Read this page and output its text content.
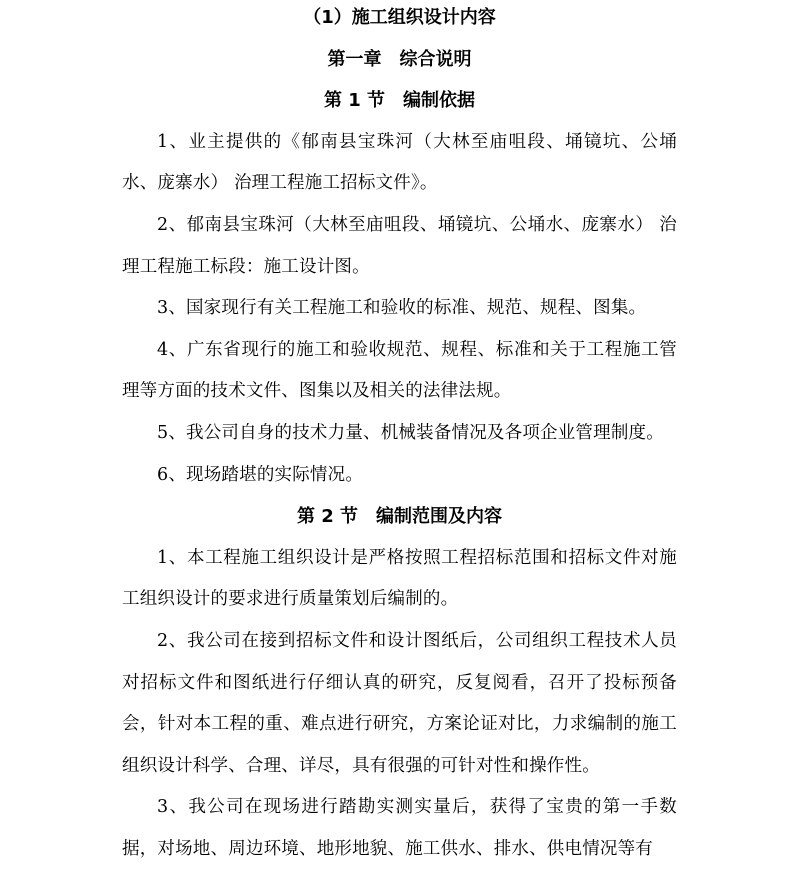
（1）施工组织设计内容
第一章　综合说明
第 1 节　编制依据

1、业主提供的《郁南县宝珠河（大林至庙咀段、埇镜坑、公埇水、庞寨水） 治理工程施工招标文件》。

2、郁南县宝珠河（大林至庙咀段、埇镜坑、公埇水、庞寨水） 治理工程施工标段：施工设计图。

3、国家现行有关工程施工和验收的标准、规范、规程、图集。

4、广东省现行的施工和验收规范、规程、标准和关于工程施工管理等方面的技术文件、图集以及相关的法律法规。

5、我公司自身的技术力量、机械装备情况及各项企业管理制度。

6、现场踏堪的实际情况。

第 2 节　编制范围及内容

1、本工程施工组织设计是严格按照工程招标范围和招标文件对施工组织设计的要求进行质量策划后编制的。

2、我公司在接到招标文件和设计图纸后，公司组织工程技术人员对招标文件和图纸进行仔细认真的研究，反复阅看，召开了投标预备会，针对本工程的重、难点进行研究，方案论证对比，力求编制的施工组织设计科学、合理、详尽，具有很强的可针对性和操作性。

3、我公司在现场进行踏勘实测实量后，获得了宝贵的第一手数据，对场地、周边环境、地形地貌、施工供水、排水、供电情况等有
